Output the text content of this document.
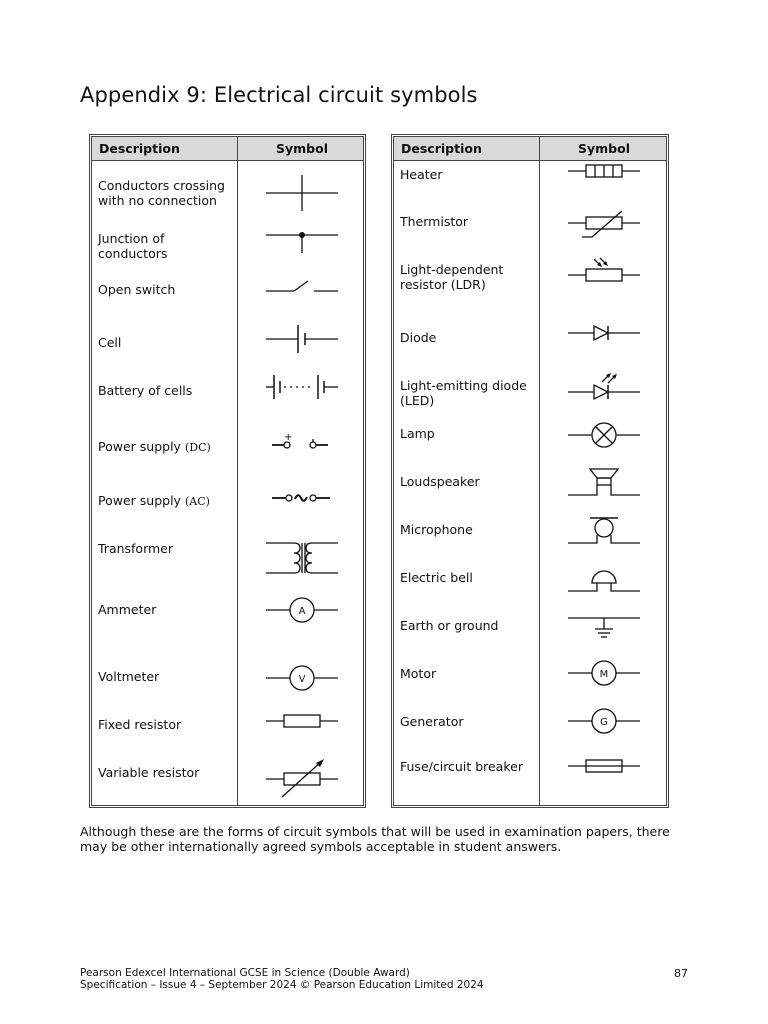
Appendix 9: Electrical circuit symbols
Description	Symbol
Conductors crossing
with no connection
Junction of
conductors
Open switch
Cell
Battery of cells
Power supply (DC)
Power supply (AC)
Transformer
Ammeter
Voltmeter
Fixed resistor
Variable resistor
+
A
V
Description	Symbol
Heater
Thermistor
Light-dependent
resistor (LDR)
Diode
Light-emitting diode
(LED)
Lamp
Loudspeaker
Microphone
Electric bell
Earth or ground
Motor
Generator
Fuse/circuit breaker
M
G
Although these are the forms of circuit symbols that will be used in examination papers, there may be other internationally agreed symbols acceptable in student answers.
Pearson Edexcel International GCSE in Science (Double Award)
Specification – Issue 4 – September 2024 © Pearson Education Limited 2024
87
